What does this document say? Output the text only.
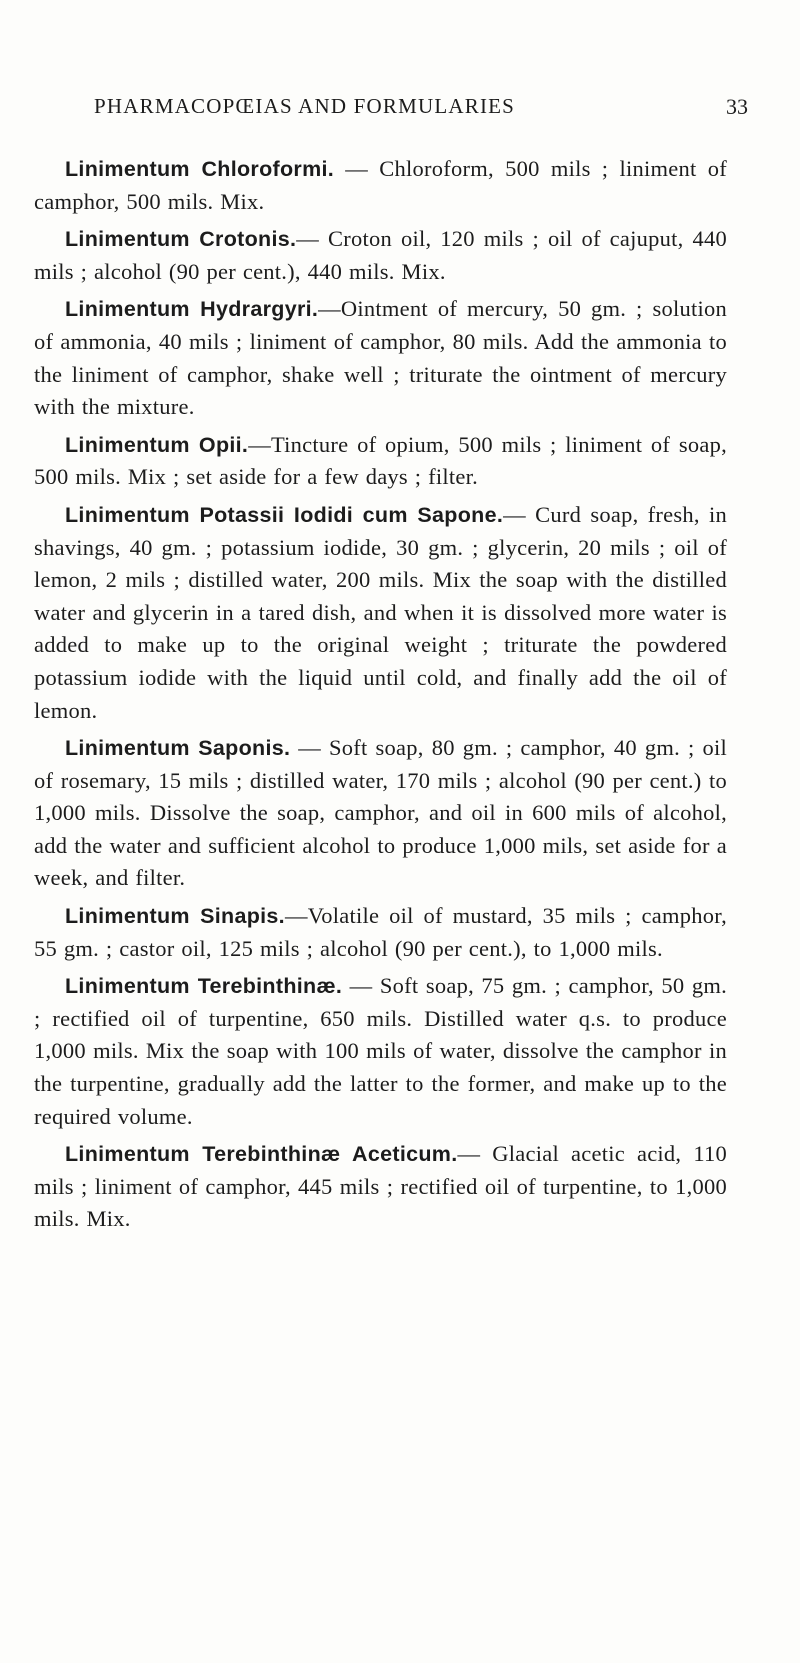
PHARMACOPŒIAS AND FORMULARIES	33

Linimentum Chloroformi. — Chloroform, 500 mils ; liniment of camphor, 500 mils. Mix.

Linimentum Crotonis.— Croton oil, 120 mils ; oil of cajuput, 440 mils ; alcohol (90 per cent.), 440 mils. Mix.

Linimentum Hydrargyri.—Ointment of mercury, 50 gm. ; solution of ammonia, 40 mils ; liniment of camphor, 80 mils. Add the ammonia to the liniment of camphor, shake well ; triturate the ointment of mercury with the mixture.

Linimentum Opii.—Tincture of opium, 500 mils ; liniment of soap, 500 mils. Mix ; set aside for a few days ; filter.

Linimentum Potassii Iodidi cum Sapone.— Curd soap, fresh, in shavings, 40 gm. ; potassium iodide, 30 gm. ; glycerin, 20 mils ; oil of lemon, 2 mils ; distilled water, 200 mils. Mix the soap with the distilled water and glycerin in a tared dish, and when it is dissolved more water is added to make up to the original weight ; triturate the powdered potassium iodide with the liquid until cold, and finally add the oil of lemon.

Linimentum Saponis. — Soft soap, 80 gm. ; camphor, 40 gm. ; oil of rosemary, 15 mils ; distilled water, 170 mils ; alcohol (90 per cent.) to 1,000 mils. Dissolve the soap, camphor, and oil in 600 mils of alcohol, add the water and sufficient alcohol to produce 1,000 mils, set aside for a week, and filter.

Linimentum Sinapis.—Volatile oil of mustard, 35 mils ; camphor, 55 gm. ; castor oil, 125 mils ; alcohol (90 per cent.), to 1,000 mils.

Linimentum Terebinthinæ. — Soft soap, 75 gm. ; camphor, 50 gm. ; rectified oil of turpentine, 650 mils. Distilled water q.s. to produce 1,000 mils. Mix the soap with 100 mils of water, dissolve the camphor in the turpentine, gradually add the latter to the former, and make up to the required volume.

Linimentum Terebinthinæ Aceticum.— Glacial acetic acid, 110 mils ; liniment of camphor, 445 mils ; rectified oil of turpentine, to 1,000 mils. Mix.
